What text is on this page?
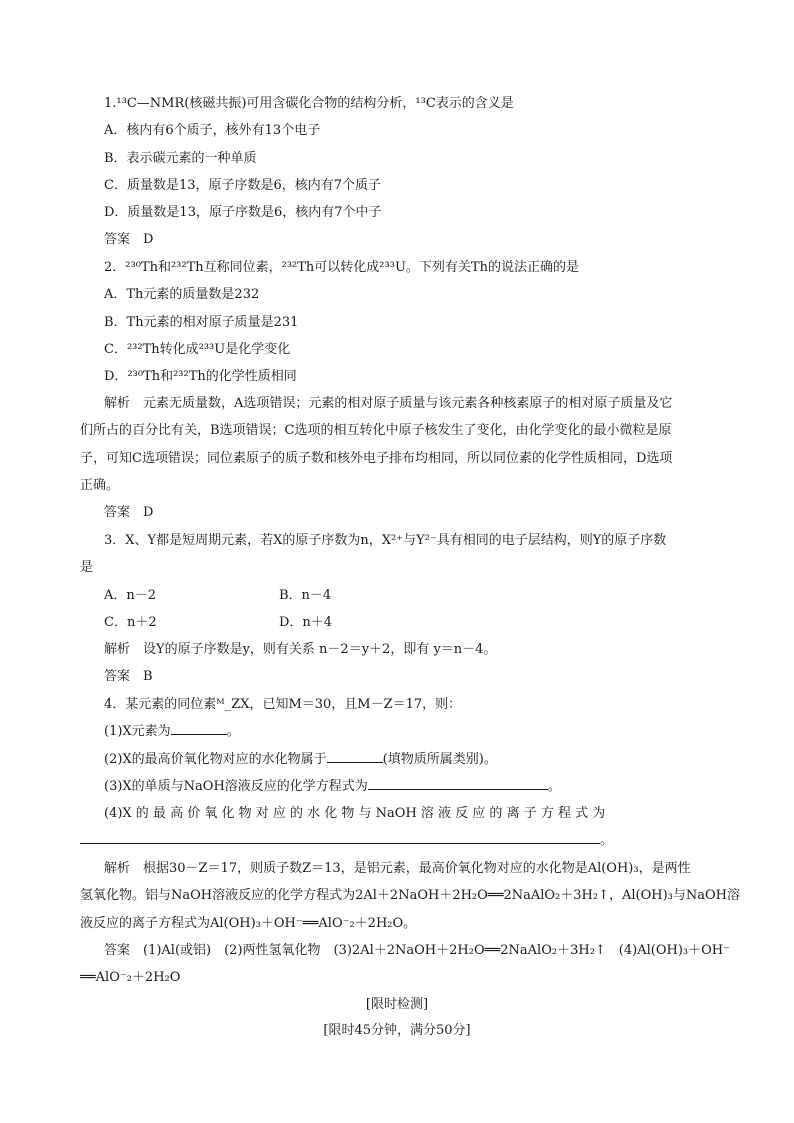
1.¹³C—NMR(核磁共振)可用含碳化合物的结构分析，¹³C表示的含义是
A．核内有6个质子，核外有13个电子
B．表示碳元素的一种单质
C．质量数是13，原子序数是6，核内有7个质子
D．质量数是13，原子序数是6，核内有7个中子
答案　D
2．²³⁰Th和²³²Th互称同位素，²³²Th可以转化成²³³U。下列有关Th的说法正确的是
A．Th元素的质量数是232
B．Th元素的相对原子质量是231
C．²³²Th转化成²³³U是化学变化
D．²³⁰Th和²³²Th的化学性质相同
解析　元素无质量数，A选项错误；元素的相对原子质量与该元素各种核素原子的相对原子质量及它
们所占的百分比有关，B选项错误；C选项的相互转化中原子核发生了变化，由化学变化的最小微粒是原
子，可知C选项错误；同位素原子的质子数和核外电子排布均相同，所以同位素的化学性质相同，D选项
正确。
答案　D
3．X、Y都是短周期元素，若X的原子序数为n，X²⁺与Y²⁻具有相同的电子层结构，则Y的原子序数
是
A．n－2	B．n－4
C．n＋2	D．n＋4
解析　设Y的原子序数是y，则有关系 n－2＝y＋2，即有 y＝n－4。
答案　B
4．某元素的同位素ᴹ_ZX，已知M＝30，且M－Z＝17，则：
(1)X元素为	。
(2)X的最高价氧化物对应的水化物属于	(填物质所属类别)。
(3)X的单质与NaOH溶液反应的化学方程式为	。
(4)X 的 最 高 价 氧 化 物 对 应 的 水 化 物 与 NaOH 溶 液 反 应 的 离 子 方 程 式 为
。
解析　根据30－Z＝17，则质子数Z＝13，是铝元素，最高价氧化物对应的水化物是Al(OH)₃，是两性
氢氧化物。铝与NaOH溶液反应的化学方程式为2Al＋2NaOH＋2H₂O══2NaAlO₂＋3H₂↑，Al(OH)₃与NaOH溶
液反应的离子方程式为Al(OH)₃＋OH⁻══AlO⁻₂＋2H₂O。
答案　(1)Al(或铝)　(2)两性氢氧化物　(3)2Al＋2NaOH＋2H₂O══2NaAlO₂＋3H₂↑　(4)Al(OH)₃＋OH⁻
══AlO⁻₂＋2H₂O
[限时检测]
[限时45分钟，满分50分]
